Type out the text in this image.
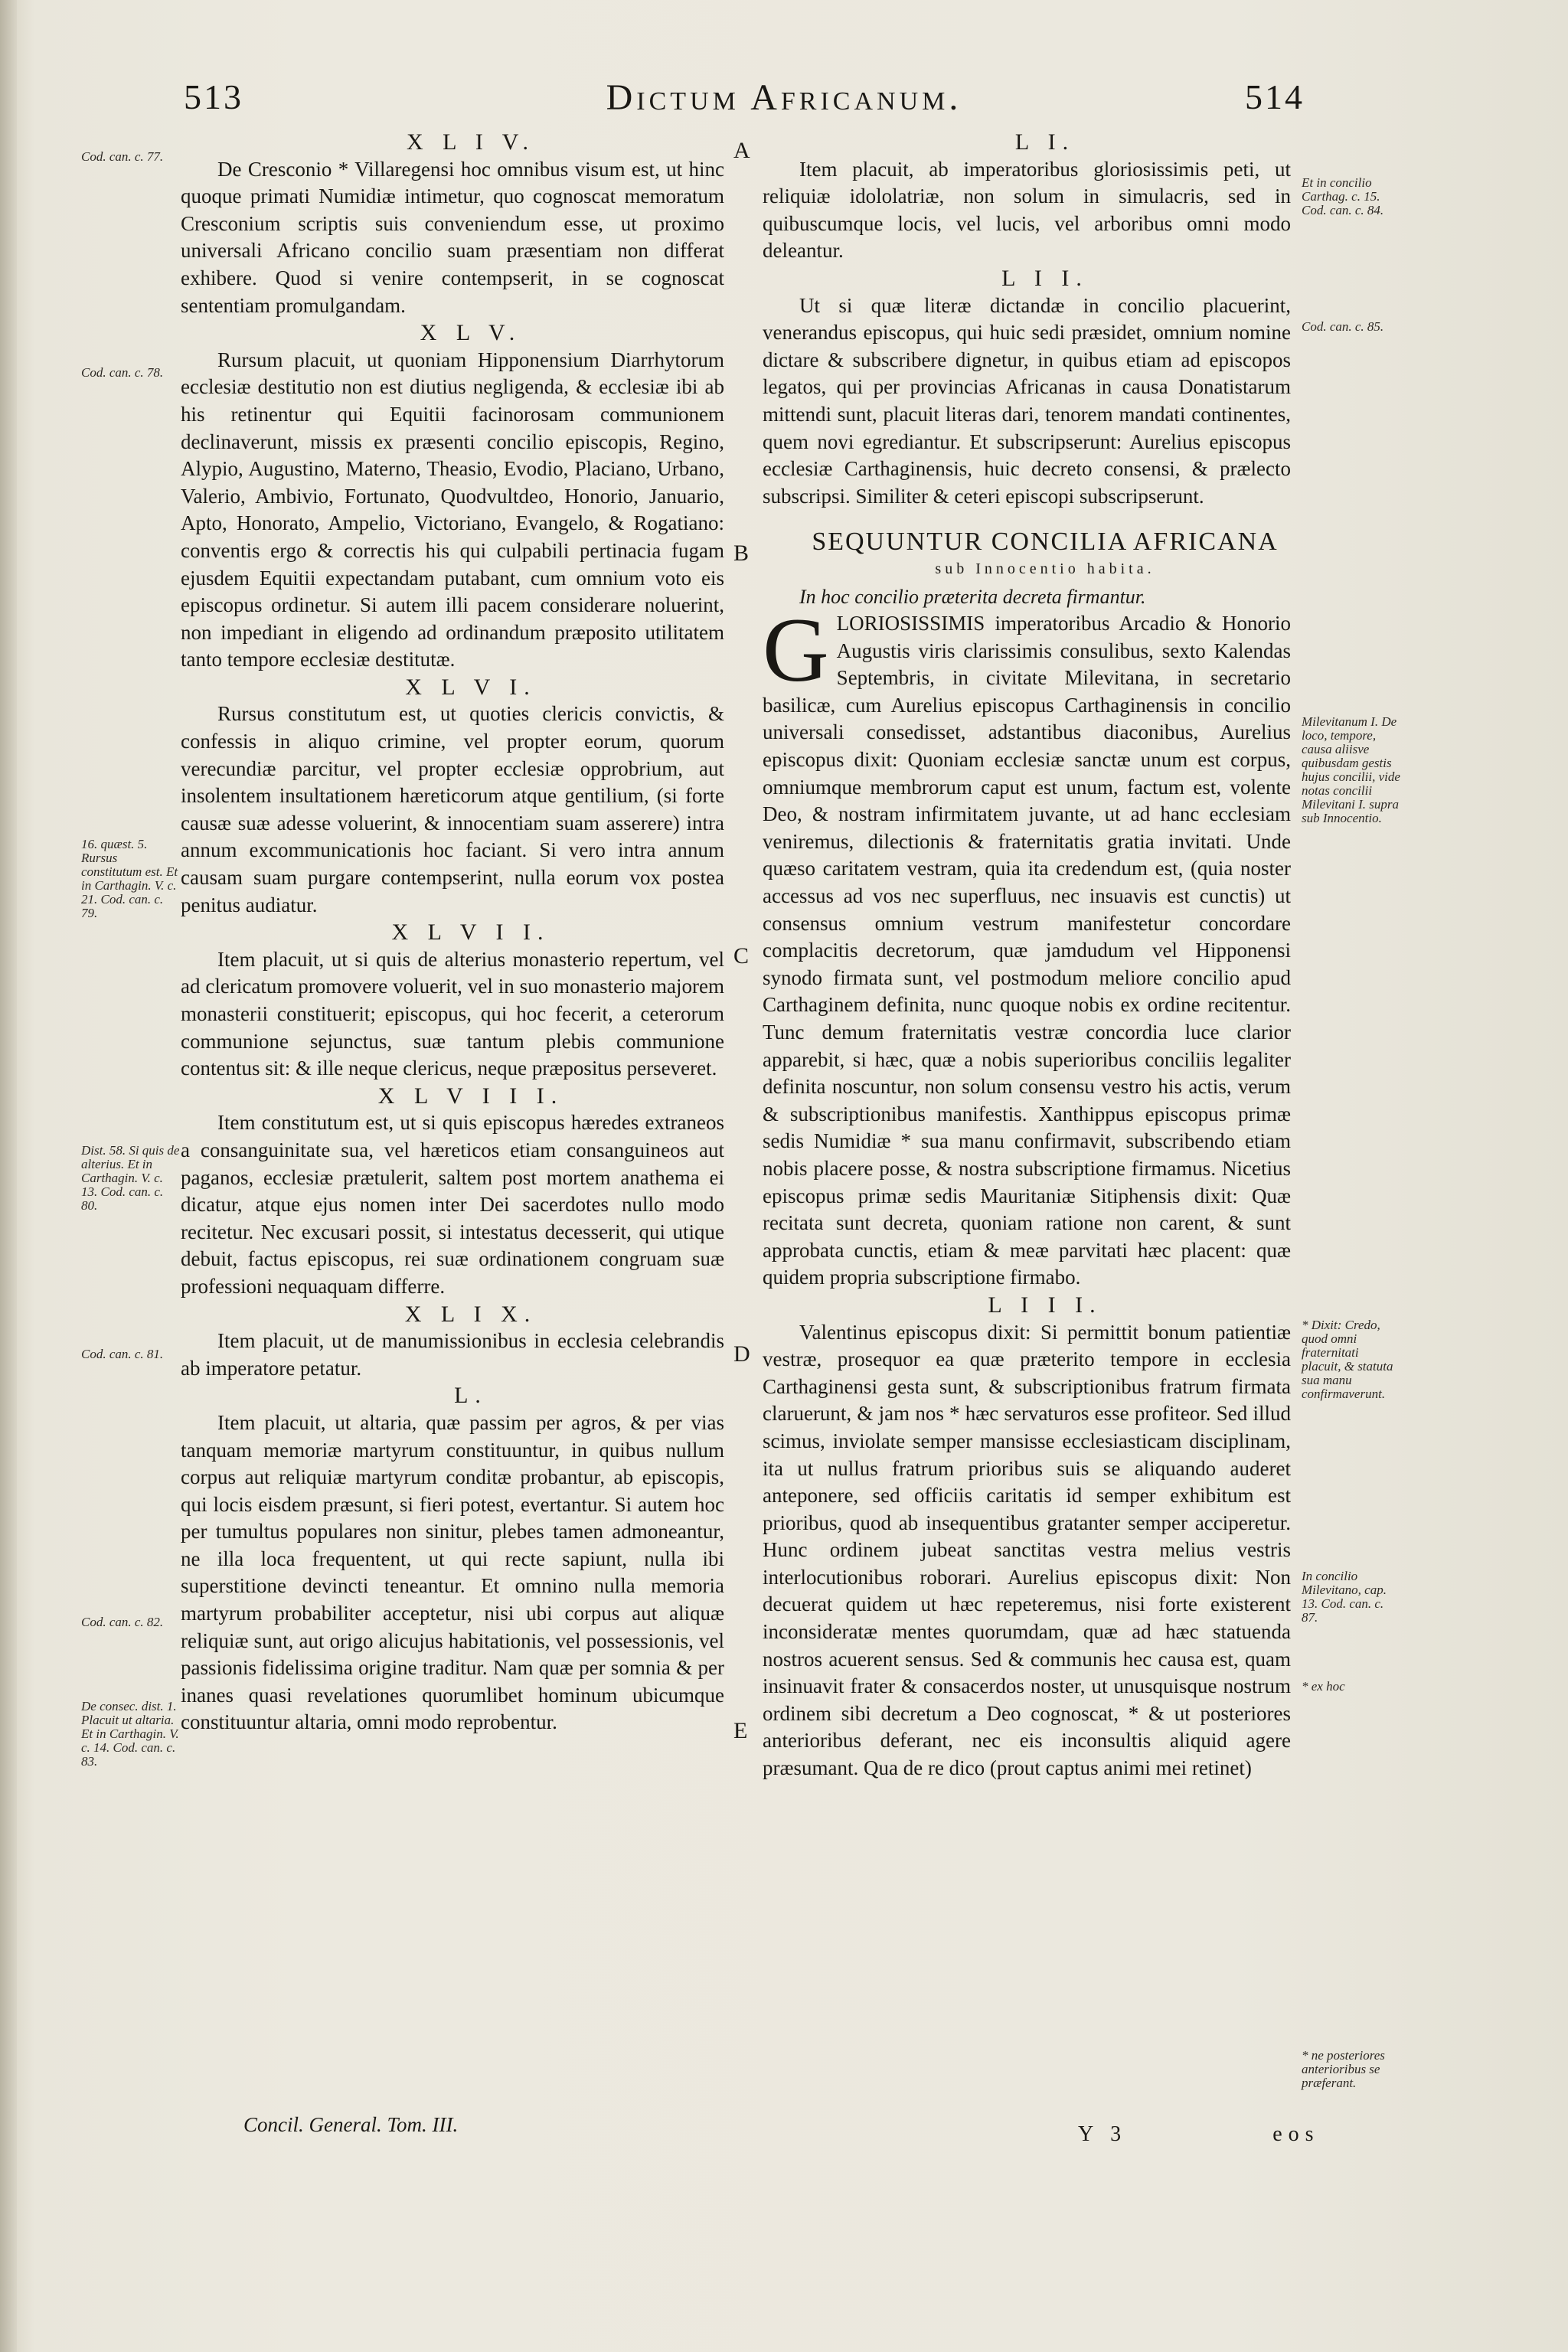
513	Dictum Africanum.	514
A
B
C
D
E
Cod. can. c. 77.
Cod. can. c. 78.
16. quæst. 5. Rursus constitutum est. Et in Carthagin. V. c. 21. Cod. can. c. 79.
Dist. 58. Si quis de alterius. Et in Carthagin. V. c. 13. Cod. can. c. 80.
Cod. can. c. 81.
Cod. can. c. 82.
De consec. dist. 1. Placuit ut altaria. Et in Carthagin. V. c. 14. Cod. can. c. 83.
Et in concilio Carthag. c. 15. Cod. can. c. 84.
Cod. can. c. 85.
Milevitanum I. De loco, tempore, causa aliisve quibusdam gestis hujus concilii, vide notas concilii Milevitani I. supra sub Innocentio.
* Dixit: Credo, quod omni fraternitati placuit, & statuta sua manu confirmaverunt.
In concilio Milevitano, cap. 13. Cod. can. c. 87.
* ex hoc
* ne posteriores anterioribus se præferant.

X L I V.

De Cresconio * Villaregensi hoc omnibus visum est, ut hinc quoque primati Numidiæ intimetur, quo cognoscat memoratum Cresconium scriptis suis conveniendum esse, ut proximo universali Africano concilio suam præsentiam non differat exhibere. Quod si venire contempserit, in se cognoscat sententiam promulgandam.

X L V.

Rursum placuit, ut quoniam Hipponensium Diarrhytorum ecclesiæ destitutio non est diutius negligenda, & ecclesiæ ibi ab his retinentur qui Equitii facinorosam communionem declinaverunt, missis ex præsenti concilio episcopis, Regino, Alypio, Augustino, Materno, Theasio, Evodio, Placiano, Urbano, Valerio, Ambivio, Fortunato, Quodvultdeo, Honorio, Januario, Apto, Honorato, Ampelio, Victoriano, Evangelo, & Rogatiano: conventis ergo & correctis his qui culpabili pertinacia fugam ejusdem Equitii expectandam putabant, cum omnium voto eis episcopus ordinetur. Si autem illi pacem considerare noluerint, non impediant in eligendo ad ordinandum præposito utilitatem tanto tempore ecclesiæ destitutæ.

X L V I.

Rursus constitutum est, ut quoties clericis convictis, & confessis in aliquo crimine, vel propter eorum, quorum verecundiæ parcitur, vel propter ecclesiæ opprobrium, aut insolentem insultationem hæreticorum atque gentilium, (si forte causæ suæ adesse voluerint, & innocentiam suam asserere) intra annum excommunicationis hoc faciant. Si vero intra annum causam suam purgare contempserint, nulla eorum vox postea penitus audiatur.

X L V I I.

Item placuit, ut si quis de alterius monasterio repertum, vel ad clericatum promovere voluerit, vel in suo monasterio majorem monasterii constituerit; episcopus, qui hoc fecerit, a ceterorum communione sejunctus, suæ tantum plebis communione contentus sit: & ille neque clericus, neque præpositus perseveret.

X L V I I I.

Item constitutum est, ut si quis episcopus hæredes extraneos a consanguinitate sua, vel hæreticos etiam consanguineos aut paganos, ecclesiæ prætulerit, saltem post mortem anathema ei dicatur, atque ejus nomen inter Dei sacerdotes nullo modo recitetur. Nec excusari possit, si intestatus decesserit, qui utique debuit, factus episcopus, rei suæ ordinationem congruam suæ professioni nequaquam differre.

X L I X.

Item placuit, ut de manumissionibus in ecclesia celebrandis ab imperatore petatur.

L.

Item placuit, ut altaria, quæ passim per agros, & per vias tanquam memoriæ martyrum constituuntur, in quibus nullum corpus aut reliquiæ martyrum conditæ probantur, ab episcopis, qui locis eisdem præsunt, si fieri potest, evertantur. Si autem hoc per tumultus populares non sinitur, plebes tamen admoneantur, ne illa loca frequentent, ut qui recte sapiunt, nulla ibi superstitione devincti teneantur. Et omnino nulla memoria martyrum probabiliter acceptetur, nisi ubi corpus aut aliquæ reliquiæ sunt, aut origo alicujus habitationis, vel possessionis, vel passionis fidelissima origine traditur. Nam quæ per somnia & per inanes quasi revelationes quorumlibet hominum ubicumque constituuntur altaria, omni modo reprobentur.

L I.

Item placuit, ab imperatoribus gloriosissimis peti, ut reliquiæ idololatriæ, non solum in simulacris, sed in quibuscumque locis, vel lucis, vel arboribus omni modo deleantur.

L I I.

Ut si quæ literæ dictandæ in concilio placuerint, venerandus episcopus, qui huic sedi præsidet, omnium nomine dictare & subscribere dignetur, in quibus etiam ad episcopos legatos, qui per provincias Africanas in causa Donatistarum mittendi sunt, placuit literas dari, tenorem mandati continentes, quem novi egrediantur. Et subscripserunt: Aurelius episcopus ecclesiæ Carthaginensis, huic decreto consensi, & prælecto subscripsi. Similiter & ceteri episcopi subscripserunt.

SEQUUNTUR CONCILIA AFRICANA

sub Innocentio habita.

In hoc concilio præterita decreta firmantur.

GLORIOSISSIMIS imperatoribus Arcadio & Honorio Augustis viris clarissimis consulibus, sexto Kalendas Septembris, in civitate Milevitana, in secretario basilicæ, cum Aurelius episcopus Carthaginensis in concilio universali consedisset, adstantibus diaconibus, Aurelius episcopus dixit: Quoniam ecclesiæ sanctæ unum est corpus, omniumque membrorum caput est unum, factum est, volente Deo, & nostram infirmitatem juvante, ut ad hanc ecclesiam veniremus, dilectionis & fraternitatis gratia invitati. Unde quæso caritatem vestram, quia ita credendum est, (quia noster accessus ad vos nec superfluus, nec insuavis est cunctis) ut consensus omnium vestrum manifestetur concordare complacitis decretorum, quæ jamdudum vel Hipponensi synodo firmata sunt, vel postmodum meliore concilio apud Carthaginem definita, nunc quoque nobis ex ordine recitentur. Tunc demum fraternitatis vestræ concordia luce clarior apparebit, si hæc, quæ a nobis superioribus conciliis legaliter definita noscuntur, non solum consensu vestro his actis, verum & subscriptionibus manifestis. Xanthippus episcopus primæ sedis Numidiæ * sua manu confirmavit, subscribendo etiam nobis placere posse, & nostra subscriptione firmamus. Nicetius episcopus primæ sedis Mauritaniæ Sitiphensis dixit: Quæ recitata sunt decreta, quoniam ratione non carent, & sunt approbata cunctis, etiam & meæ parvitati hæc placent: quæ quidem propria subscriptione firmabo.

L I I I.

Valentinus episcopus dixit: Si permittit bonum patientiæ vestræ, prosequor ea quæ præterito tempore in ecclesia Carthaginensi gesta sunt, & subscriptionibus fratrum firmata claruerunt, & jam nos * hæc servaturos esse profiteor. Sed illud scimus, inviolate semper mansisse ecclesiasticam disciplinam, ita ut nullus fratrum prioribus suis se aliquando auderet anteponere, sed officiis caritatis id semper exhibitum est prioribus, quod ab insequentibus gratanter semper acciperetur. Hunc ordinem jubeat sanctitas vestra melius vestris interlocutionibus roborari. Aurelius episcopus dixit: Non decuerat quidem ut hæc repeteremus, nisi forte existerent inconsideratæ mentes quorumdam, quæ ad hæc statuenda nostros acuerent sensus. Sed & communis hec causa est, quam insinuavit frater & consacerdos noster, ut unusquisque nostrum ordinem sibi decretum a Deo cognoscat, * & ut posteriores anterioribus deferant, nec eis inconsultis aliquid agere præsumant. Qua de re dico (prout captus animi mei retinet)

Concil. General. Tom. III.	Y 3	eos
